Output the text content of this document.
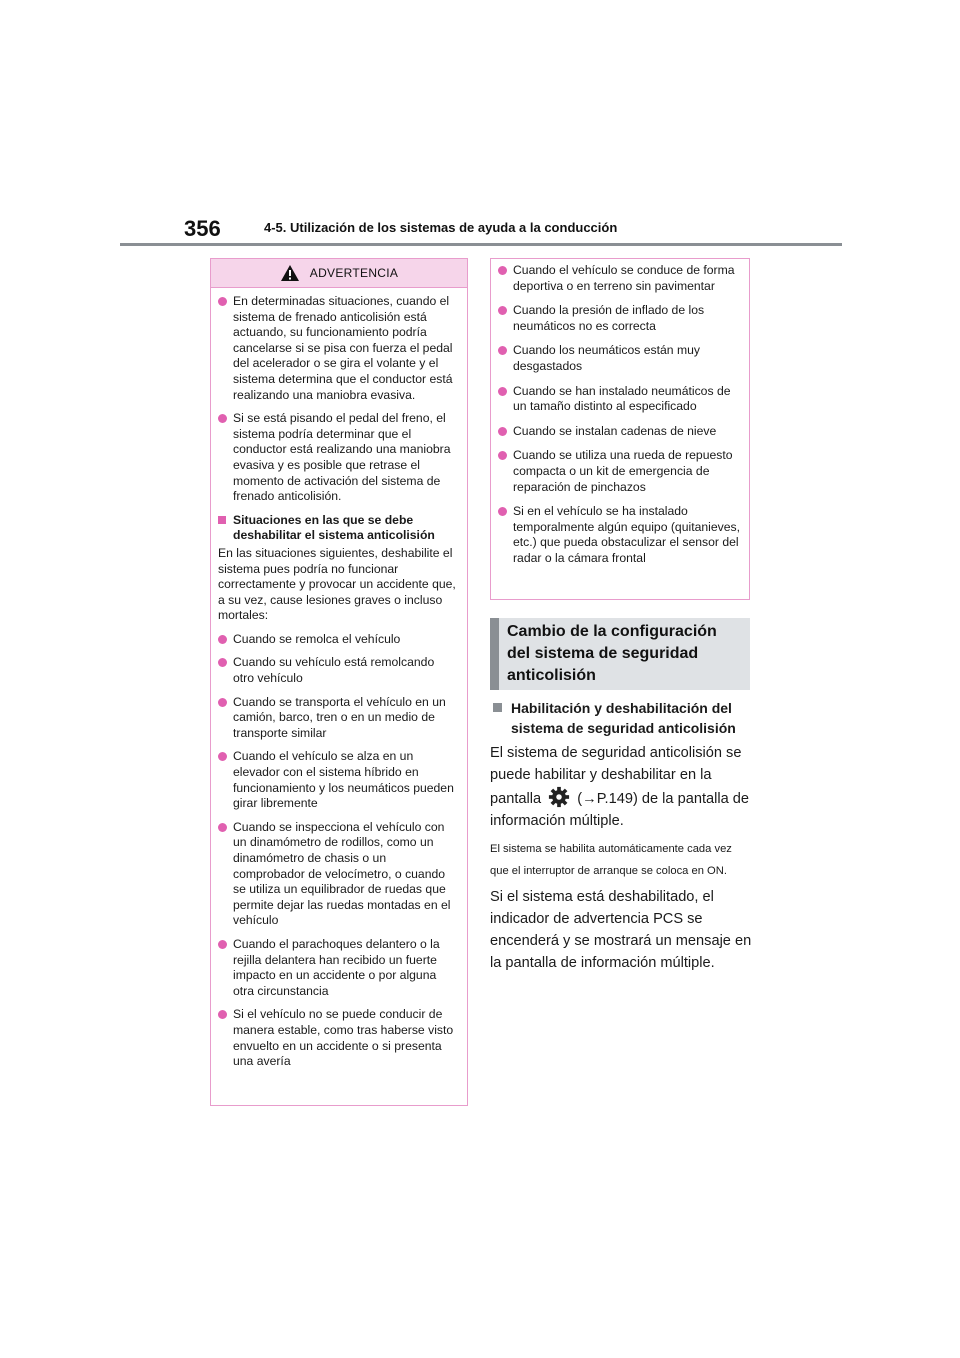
356	4-5. Utilización de los sistemas de ayuda a la conducción
ADVERTENCIA
En determinadas situaciones, cuando el sistema de frenado anticolisión está actuando, su funcionamiento podría cancelarse si se pisa con fuerza el pedal del acelerador o se gira el volante y el sistema determina que el conductor está realizando una maniobra evasiva.
Si se está pisando el pedal del freno, el sistema podría determinar que el conductor está realizando una maniobra evasiva y es posible que retrase el momento de activación del sistema de frenado anticolisión.
Situaciones en las que se debe deshabilitar el sistema anticolisión
En las situaciones siguientes, deshabilite el sistema pues podría no funcionar correctamente y provocar un accidente que, a su vez, cause lesiones graves o incluso mortales:
Cuando se remolca el vehículo
Cuando su vehículo está remolcando otro vehículo
Cuando se transporta el vehículo en un camión, barco, tren o en un medio de transporte similar
Cuando el vehículo se alza en un elevador con el sistema híbrido en funcionamiento y los neumáticos pueden girar libremente
Cuando se inspecciona el vehículo con un dinamómetro de rodillos, como un dinamómetro de chasis o un comprobador de velocímetro, o cuando se utiliza un equilibrador de ruedas que permite dejar las ruedas montadas en el vehículo
Cuando el parachoques delantero o la rejilla delantera han recibido un fuerte impacto en un accidente o por alguna otra circunstancia
Si el vehículo no se puede conducir de manera estable, como tras haberse visto envuelto en un accidente o si presenta una avería
Cuando el vehículo se conduce de forma deportiva o en terreno sin pavimentar
Cuando la presión de inflado de los neumáticos no es correcta
Cuando los neumáticos están muy desgastados
Cuando se han instalado neumáticos de un tamaño distinto al especificado
Cuando se instalan cadenas de nieve
Cuando se utiliza una rueda de repuesto compacta o un kit de emergencia de reparación de pinchazos
Si en el vehículo se ha instalado temporalmente algún equipo (quitanieves, etc.) que pueda obstaculizar el sensor del radar o la cámara frontal
Cambio de la configuración del sistema de seguridad anticolisión
Habilitación y deshabilitación del sistema de seguridad anticolisión
El sistema de seguridad anticolisión se puede habilitar y deshabilitar en la pantalla (→P.149) de la pantalla de información múltiple.
El sistema se habilita automáticamente cada vez que el interruptor de arranque se coloca en ON.
Si el sistema está deshabilitado, el indicador de advertencia PCS se encenderá y se mostrará un mensaje en la pantalla de información múltiple.
